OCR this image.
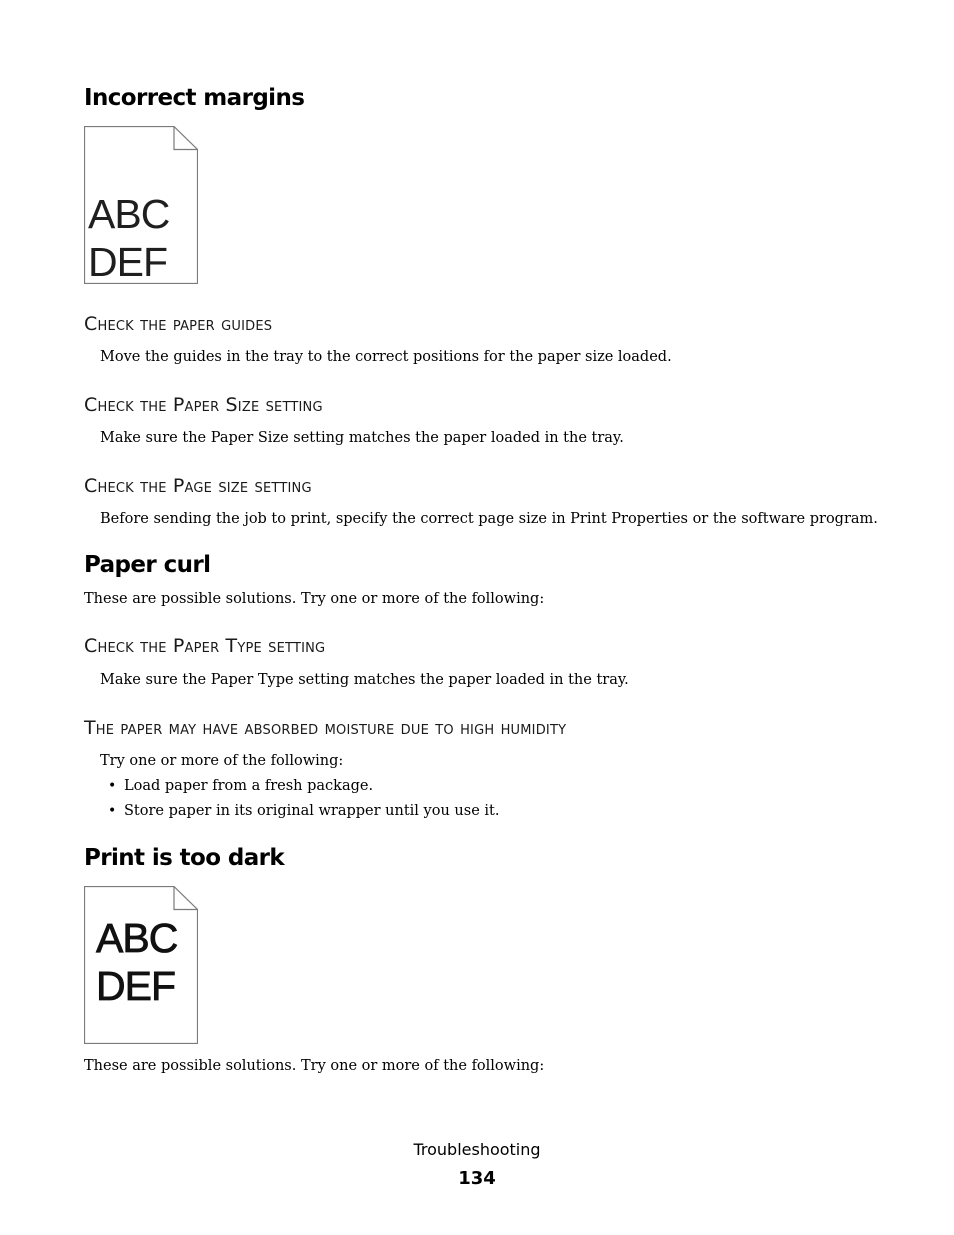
Incorrect margins
ABC
DEF
Check the paper guides
Move the guides in the tray to the correct positions for the paper size loaded.
Check the Paper Size setting
Make sure the Paper Size setting matches the paper loaded in the tray.
Check the Page size setting
Before sending the job to print, specify the correct page size in Print Properties or the software program.
Paper curl
These are possible solutions. Try one or more of the following:
Check the Paper Type setting
Make sure the Paper Type setting matches the paper loaded in the tray.
The paper may have absorbed moisture due to high humidity
Try one or more of the following:
• Load paper from a fresh package.
• Store paper in its original wrapper until you use it.
Print is too dark
ABC
DEF
These are possible solutions. Try one or more of the following:
Troubleshooting
134
